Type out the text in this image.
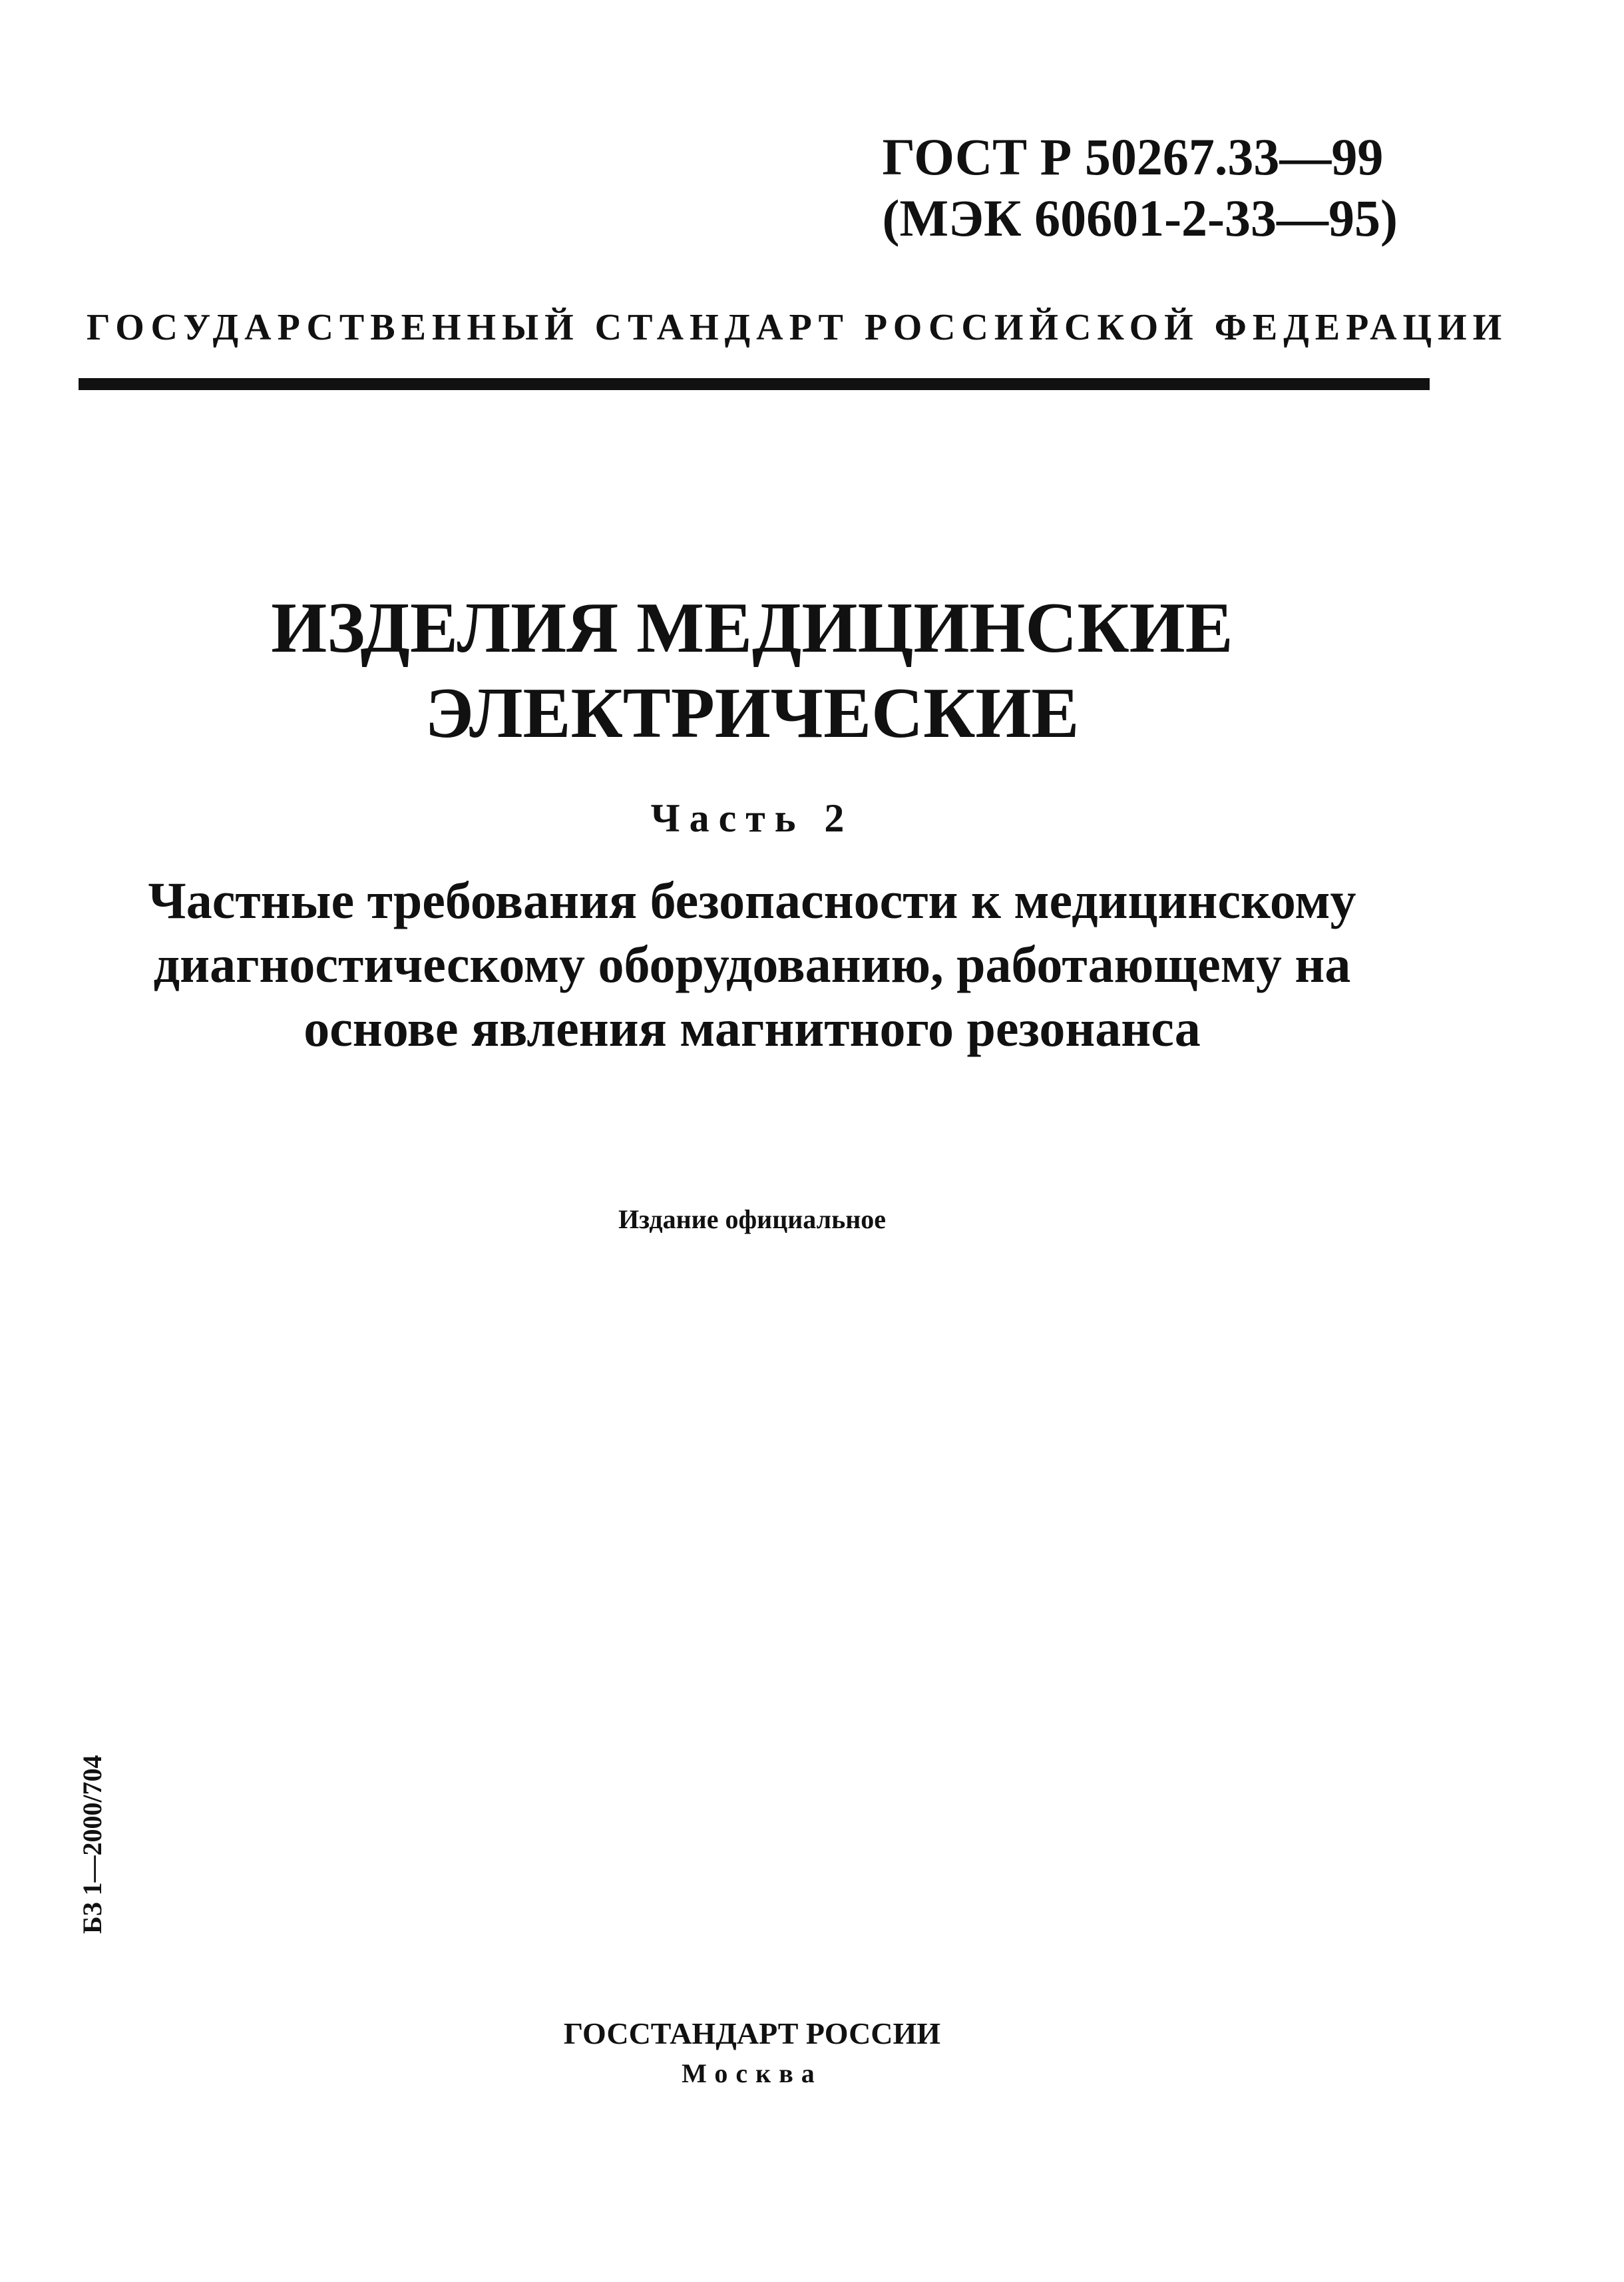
ГОСТ Р 50267.33—99
(МЭК 60601-2-33—95)
ГОСУДАРСТВЕННЫЙ СТАНДАРТ РОССИЙСКОЙ ФЕДЕРАЦИИ
ИЗДЕЛИЯ МЕДИЦИНСКИЕ
ЭЛЕКТРИЧЕСКИЕ
Часть 2
Частные требования безопасности к медицинскому
диагностическому оборудованию, работающему на
основе явления магнитного резонанса
Издание официальное
БЗ 1—2000/704
ГОССТАНДАРТ РОССИИ
Москва
